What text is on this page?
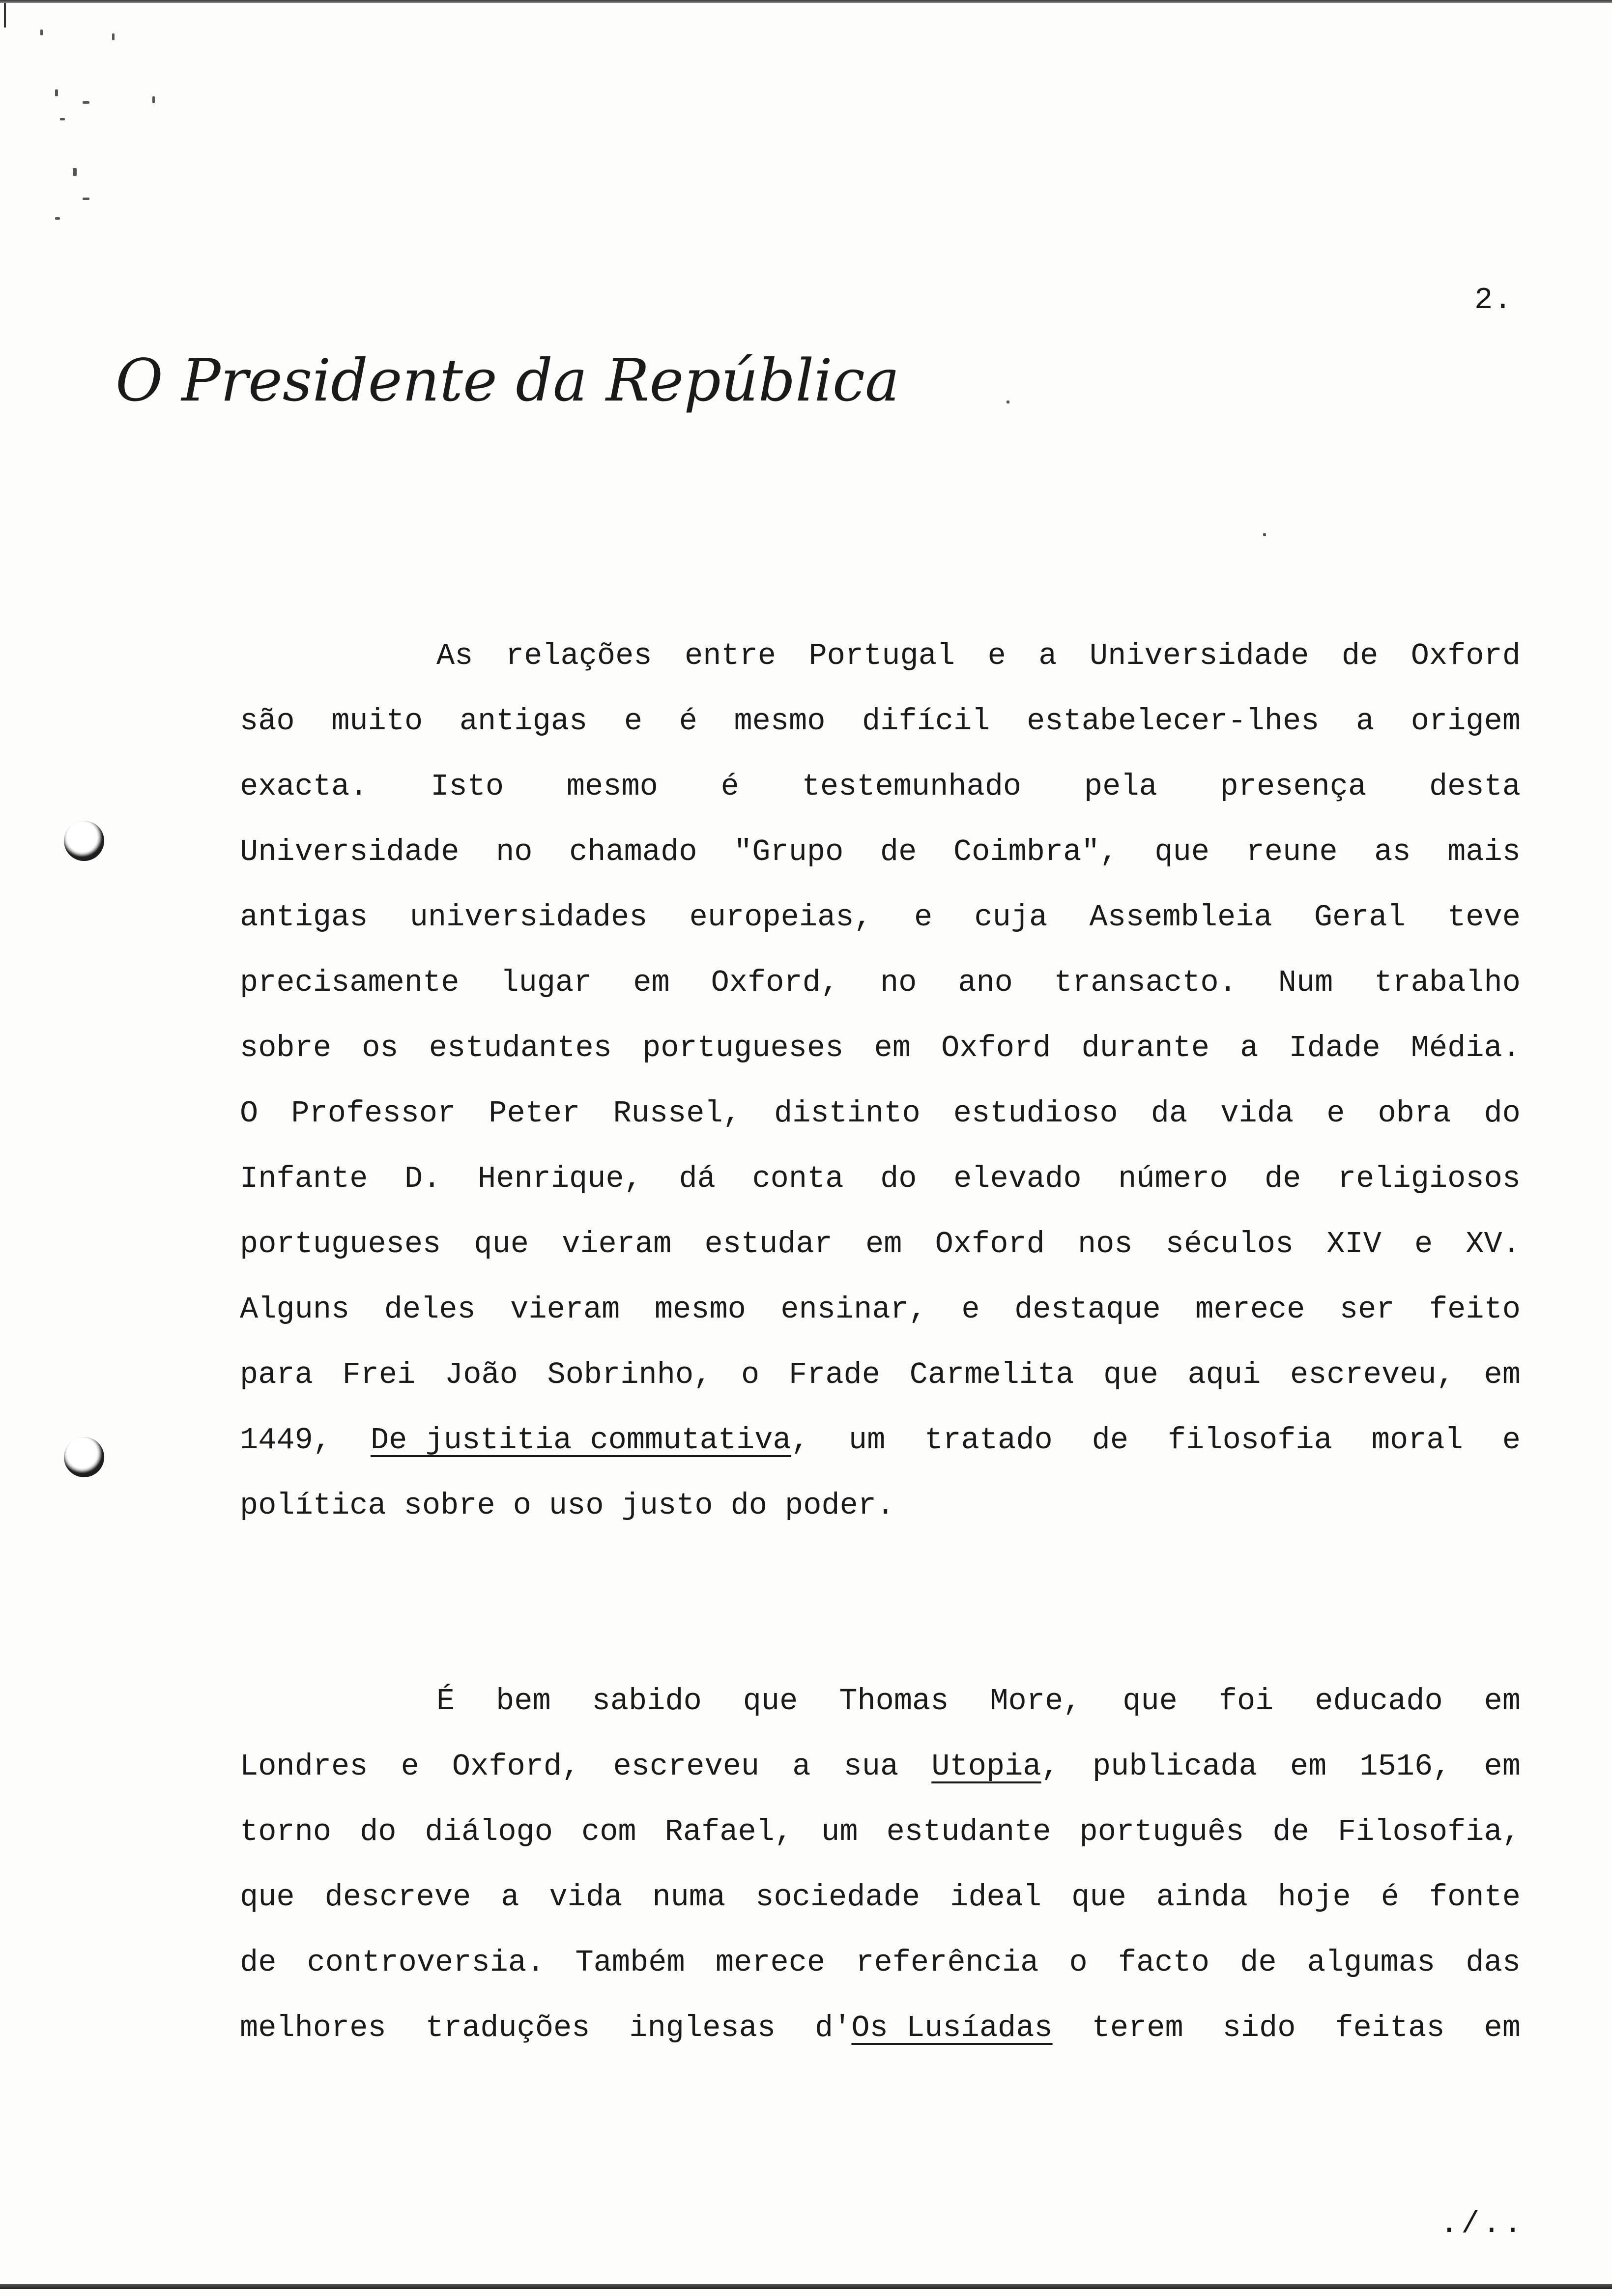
2.
O Presidente da República
As relações entre Portugal e a Universidade de Oxford
são muito antigas e é mesmo difícil estabelecer-lhes a origem
exacta. Isto mesmo é testemunhado pela presença desta
Universidade no chamado "Grupo de Coimbra", que reune as mais
antigas universidades europeias, e cuja Assembleia Geral teve
precisamente lugar em Oxford, no ano transacto. Num trabalho
sobre os estudantes portugueses em Oxford durante a Idade Média.
O Professor Peter Russel, distinto estudioso da vida e obra do
Infante D. Henrique, dá conta do elevado número de religiosos
portugueses que vieram estudar em Oxford nos séculos XIV e XV.
Alguns deles vieram mesmo ensinar, e destaque merece ser feito
para Frei João Sobrinho, o Frade Carmelita que aqui escreveu, em
1449, De justitia commutativa, um tratado de filosofia moral e
política sobre o uso justo do poder.
É bem sabido que Thomas More, que foi educado em
Londres e Oxford, escreveu a sua Utopia, publicada em 1516, em
torno do diálogo com Rafael, um estudante português de Filosofia,
que descreve a vida numa sociedade ideal que ainda hoje é fonte
de controversia. Também merece referência o facto de algumas das
melhores traduções inglesas d'Os Lusíadas terem sido feitas em
./..
